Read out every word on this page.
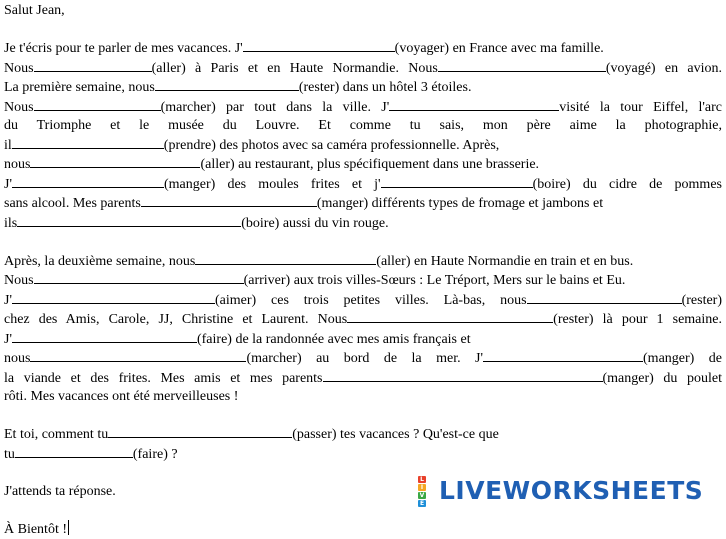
Salut Jean,

Je t'écris pour te parler de mes vacances. J'	(voyager) en France avec ma famille.

Nous	(aller) à Paris et en Haute Normandie. Nous	(voyagé) en avion.

La première semaine, nous	(rester) dans un hôtel 3 étoiles.

Nous	(marcher) par tout dans la ville. J'	visité la tour Eiffel, l'arc

du Triomphe et le musée du Louvre. Et comme tu sais, mon père aime la photographie,

il	(prendre) des photos avec sa caméra professionnelle. Après,

nous	(aller) au restaurant, plus spécifiquement dans une brasserie.

J'	(manger) des moules frites et j'	(boire) du cidre de pommes

sans alcool. Mes parents	(manger) différents types de fromage et jambons et

ils	(boire) aussi du vin rouge.

Après, la deuxième semaine, nous	(aller) en Haute Normandie en train et en bus.

Nous	(arriver) aux trois villes-Sœurs : Le Tréport, Mers sur le bains et Eu.

J'	(aimer) ces trois petites villes. Là-bas, nous	(rester)

chez des Amis, Carole, JJ, Christine et Laurent. Nous	(rester) là pour 1 semaine.

J'	(faire) de la randonnée avec mes amis français et

nous	(marcher) au bord de la mer. J'	(manger) de

la viande et des frites. Mes amis et mes parents	(manger) du poulet

rôti. Mes vacances ont été merveilleuses !

Et toi, comment tu	(passer) tes vacances ? Qu'est-ce que

tu	(faire) ?

J'attends ta réponse.

À Bientôt !

L
I
V
E LIVEWORKSHEETS
